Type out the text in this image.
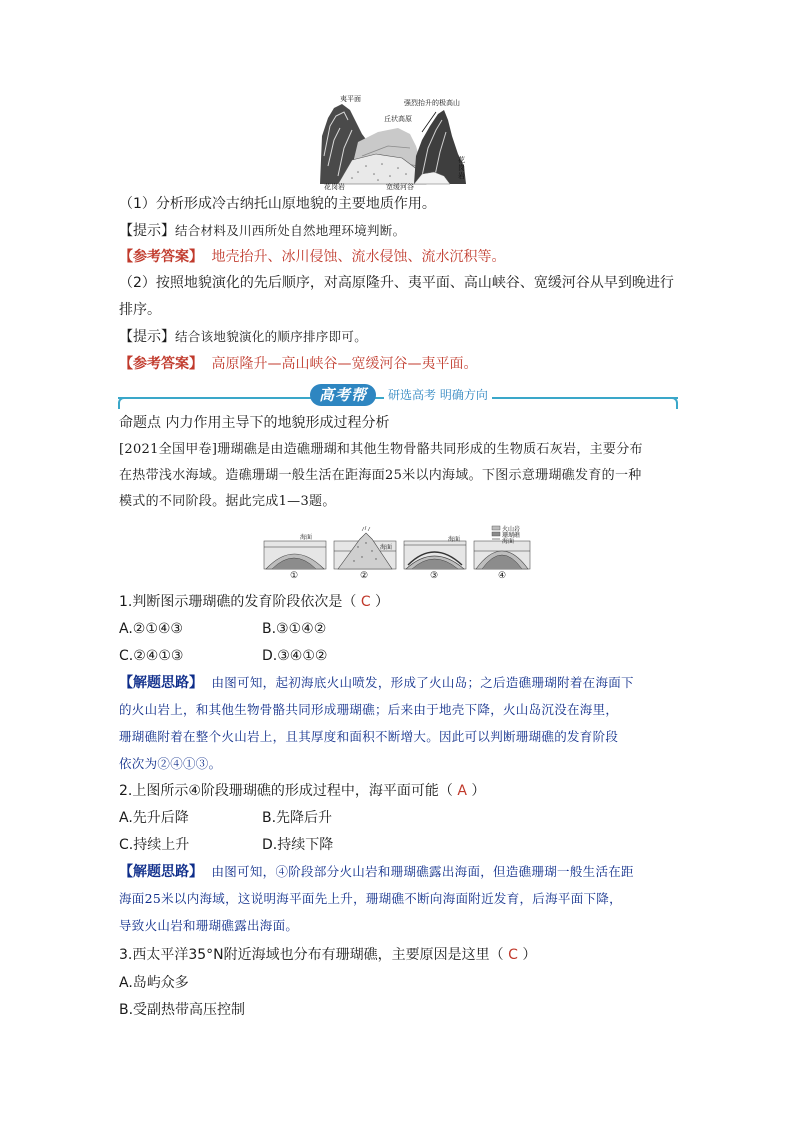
夷平面	强烈抬升的极高山
丘状高原
花岗岩	宽缓河谷
花岗岩
（1）分析形成冷古纳托山原地貌的主要地质作用。
【提示】结合材料及川西所处自然地理环境判断。
【参考答案】 地壳抬升、冰川侵蚀、流水侵蚀、流水沉积等。
（2）按照地貌演化的先后顺序，对高原隆升、夷平面、高山峡谷、宽缓河谷从早到晚进行
排序。
【提示】结合该地貌演化的顺序排序即可。
【参考答案】 高原隆升—高山峡谷—宽缓河谷—夷平面。
高考帮	研选高考 明确方向
命题点 内力作用主导下的地貌形成过程分析
[2021全国甲卷]珊瑚礁是由造礁珊瑚和其他生物骨骼共同形成的生物质石灰岩，主要分布
在热带浅水海域。造礁珊瑚一般生活在距海面25米以内海域。下图示意珊瑚礁发育的一种
模式的不同阶段。据此完成1—3题。
火山岩
珊瑚礁
海面
海面
海面
海面
①	②	③	④
1.判断图示珊瑚礁的发育阶段依次是（ C ）
A.②①④③	B.③①④②
C.②④①③	D.③④①②
【解题思路】 由图可知，起初海底火山喷发，形成了火山岛；之后造礁珊瑚附着在海面下
的火山岩上，和其他生物骨骼共同形成珊瑚礁；后来由于地壳下降，火山岛沉没在海里，
珊瑚礁附着在整个火山岩上，且其厚度和面积不断增大。因此可以判断珊瑚礁的发育阶段
依次为②④①③。
2.上图所示④阶段珊瑚礁的形成过程中，海平面可能（ A ）
A.先升后降	B.先降后升
C.持续上升	D.持续下降
【解题思路】 由图可知，④阶段部分火山岩和珊瑚礁露出海面，但造礁珊瑚一般生活在距
海面25米以内海域，这说明海平面先上升，珊瑚礁不断向海面附近发育，后海平面下降，
导致火山岩和珊瑚礁露出海面。
3.西太平洋35°N附近海域也分布有珊瑚礁，主要原因是这里（ C ）
A.岛屿众多
B.受副热带高压控制
